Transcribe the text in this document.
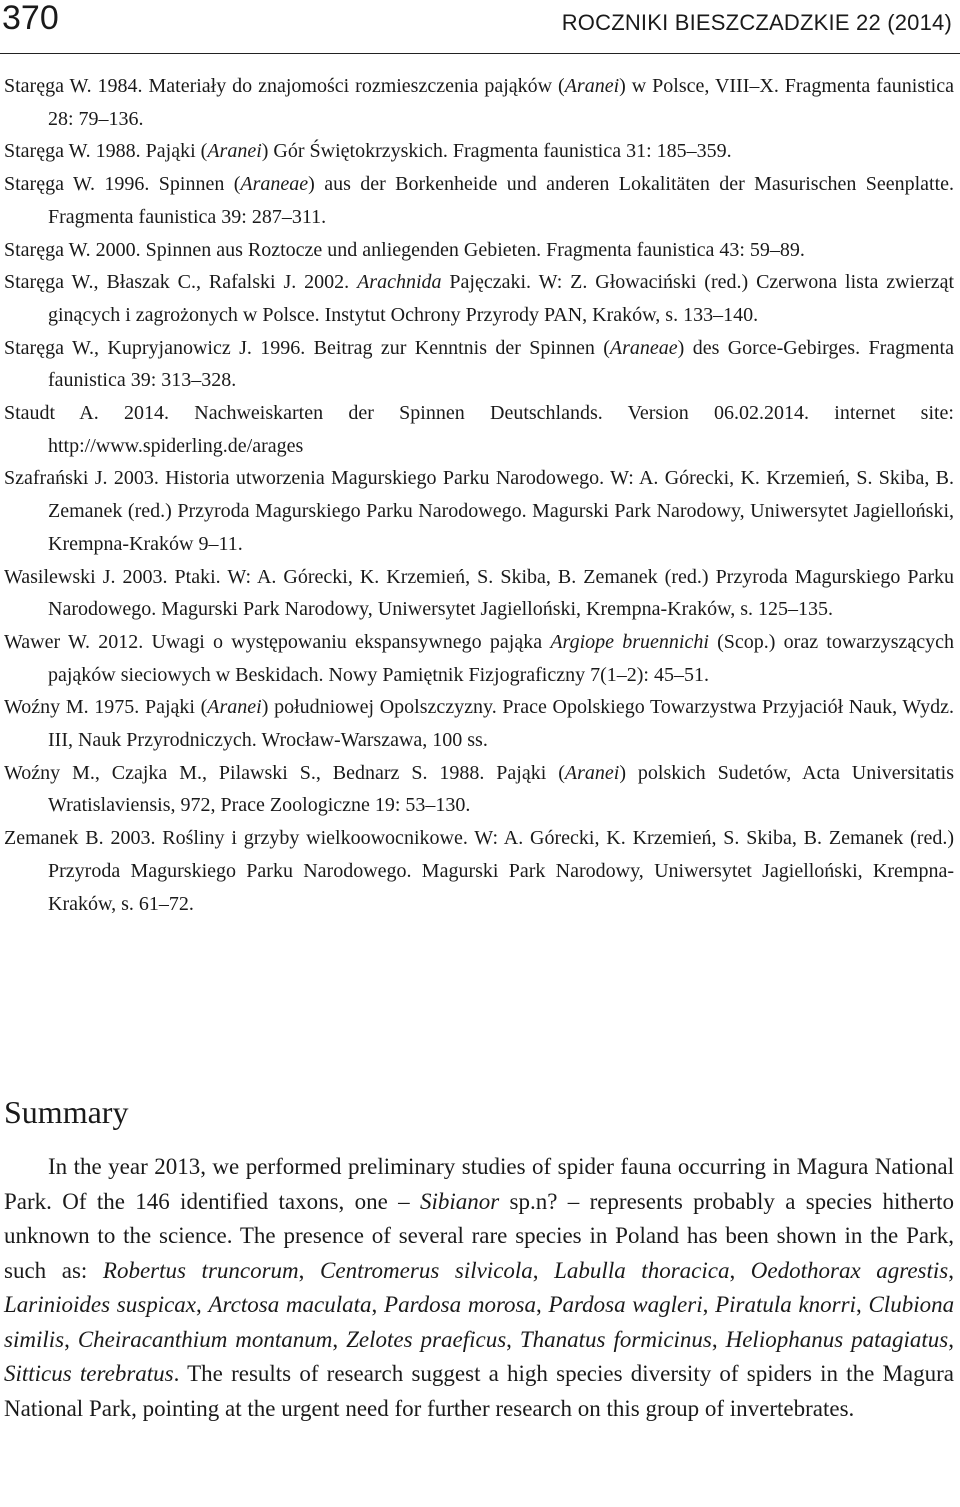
370	ROCZNIKI BIESZCZADZKIE 22 (2014)

Staręga W. 1984. Materiały do znajomości rozmieszczenia pająków (Aranei) w Polsce, VIII–X. Fragmenta faunistica 28: 79–136.

Staręga W. 1988. Pająki (Aranei) Gór Świętokrzyskich. Fragmenta faunistica 31: 185–359.

Staręga W. 1996. Spinnen (Araneae) aus der Borkenheide und anderen Lokalitäten der Masurischen Seenplatte. Fragmenta faunistica 39: 287–311.

Staręga W. 2000. Spinnen aus Roztocze und anliegenden Gebieten. Fragmenta faunistica 43: 59–89.

Staręga W., Błaszak C., Rafalski J. 2002. Arachnida Pajęczaki. W: Z. Głowaciński (red.) Czerwona lista zwierząt ginących i zagrożonych w Polsce. Instytut Ochrony Przyrody PAN, Kraków, s. 133–140.

Staręga W., Kupryjanowicz J. 1996. Beitrag zur Kenntnis der Spinnen (Araneae) des Gorce-Gebirges. Fragmenta faunistica 39: 313–328.

Staudt A. 2014. Nachweiskarten der Spinnen Deutschlands. Version 06.02.2014. internet site: http://www.spiderling.de/arages

Szafrański J. 2003. Historia utworzenia Magurskiego Parku Narodowego. W: A. Górecki, K. Krzemień, S. Skiba, B. Zemanek (red.) Przyroda Magurskiego Parku Narodowego. Magurski Park Narodowy, Uniwersytet Jagielloński, Krempna-Kraków 9–11.

Wasilewski J. 2003. Ptaki. W: A. Górecki, K. Krzemień, S. Skiba, B. Zemanek (red.) Przyroda Magurskiego Parku Narodowego. Magurski Park Narodowy, Uniwersytet Jagielloński, Krempna-Kraków, s. 125–135.

Wawer W. 2012. Uwagi o występowaniu ekspansywnego pająka Argiope bruennichi (Scop.) oraz towarzyszących pająków sieciowych w Beskidach. Nowy Pamiętnik Fizjograficzny 7(1–2): 45–51.

Woźny M. 1975. Pająki (Aranei) południowej Opolszczyzny. Prace Opolskiego Towarzystwa Przyjaciół Nauk, Wydz. III, Nauk Przyrodniczych. Wrocław-Warszawa, 100 ss.

Woźny M., Czajka M., Pilawski S., Bednarz S. 1988. Pająki (Aranei) polskich Sudetów, Acta Universitatis Wratislaviensis, 972, Prace Zoologiczne 19: 53–130.

Zemanek B. 2003. Rośliny i grzyby wielkoowocnikowe. W: A. Górecki, K. Krzemień, S. Skiba, B. Zemanek (red.) Przyroda Magurskiego Parku Narodowego. Magurski Park Narodowy, Uniwersytet Jagielloński, Krempna-Kraków, s. 61–72.

Summary

In the year 2013, we performed preliminary studies of spider fauna occurring in Magura National Park. Of the 146 identified taxons, one – Sibianor sp.n? – represents probably a species hitherto unknown to the science. The presence of several rare species in Poland has been shown in the Park, such as: Robertus truncorum, Centromerus silvicola, Labulla thoracica, Oedothorax agrestis, Larinioides suspicax, Arctosa maculata, Pardosa morosa, Pardosa wagleri, Piratula knorri, Clubiona similis, Cheiracanthium montanum, Zelotes praeficus, Thanatus formicinus, Heliophanus patagiatus, Sitticus terebratus. The results of research suggest a high species diversity of spiders in the Magura National Park, pointing at the urgent need for further research on this group of invertebrates.
